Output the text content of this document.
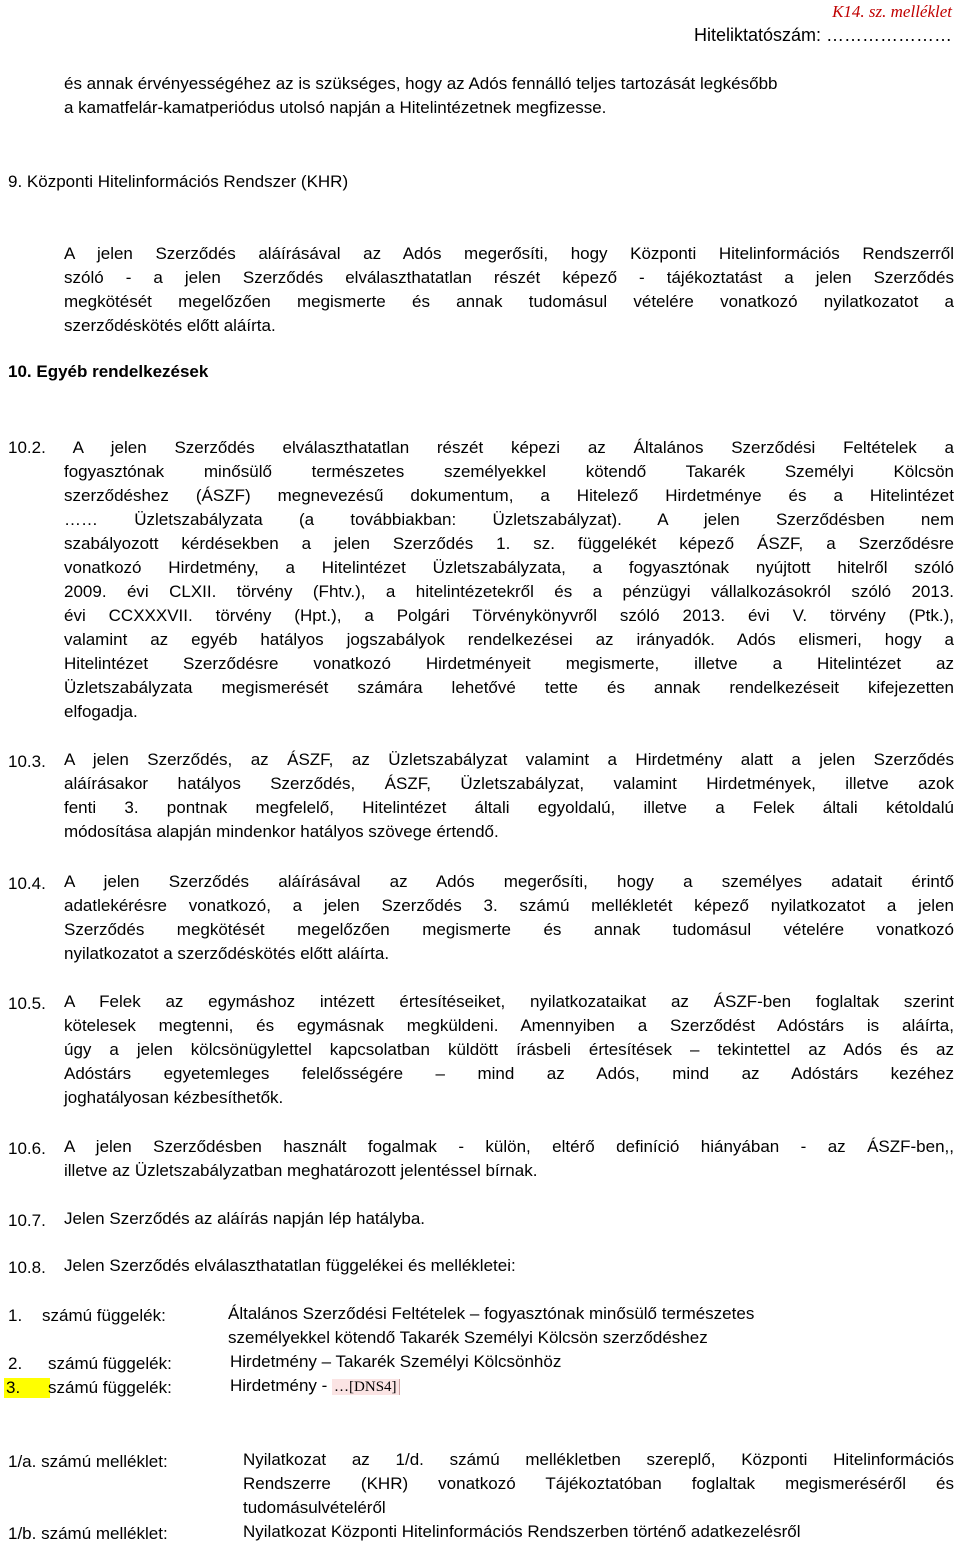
K14. sz. melléklet
Hiteliktatószám: …………………
és annak érvényességéhez az is szükséges, hogy az Adós fennálló teljes tartozását legkésőbb
a kamatfelár-kamatperiódus utolsó napján a Hitelintézetnek megfizesse.
9. Központi Hitelinformációs Rendszer (KHR)
A jelen Szerződés aláírásával az Adós megerősíti, hogy Központi Hitelinformációs Rendszerről
szóló - a jelen Szerződés elválaszthatatlan részét képező - tájékoztatást a jelen Szerződés
megkötését megelőzően megismerte és annak tudomásul vételére vonatkozó nyilatkozatot a
szerződéskötés előtt aláírta.
10. Egyéb rendelkezések
10.2. A jelen Szerződés elválaszthatatlan részét képezi az Általános Szerződési Feltételek a
fogyasztónak minősülő természetes személyekkel kötendő Takarék Személyi Kölcsön
szerződéshez (ÁSZF) megnevezésű dokumentum, a Hitelező Hirdetménye és a Hitelintézet
…… Üzletszabályzata (a továbbiakban: Üzletszabályzat). A jelen Szerződésben nem
szabályozott kérdésekben a jelen Szerződés 1. sz. függelékét képező ÁSZF, a Szerződésre
vonatkozó Hirdetmény, a Hitelintézet Üzletszabályzata, a fogyasztónak nyújtott hitelről szóló
2009. évi CLXII. törvény (Fhtv.), a hitelintézetekről és a pénzügyi vállalkozásokról szóló 2013.
évi CCXXXVII. törvény (Hpt.), a Polgári Törvénykönyvről szóló 2013. évi V. törvény (Ptk.),
valamint az egyéb hatályos jogszabályok rendelkezései az irányadók. Adós elismeri, hogy a
Hitelintézet Szerződésre vonatkozó Hirdetményeit megismerte, illetve a Hitelintézet az
Üzletszabályzata megismerését számára lehetővé tette és annak rendelkezéseit kifejezetten
elfogadja.
10.3. A jelen Szerződés, az ÁSZF, az Üzletszabályzat valamint a Hirdetmény alatt a jelen Szerződés
aláírásakor hatályos Szerződés, ÁSZF, Üzletszabályzat, valamint Hirdetmények, illetve azok
fenti 3. pontnak megfelelő, Hitelintézet általi egyoldalú, illetve a Felek általi kétoldalú
módosítása alapján mindenkor hatályos szövege értendő.
10.4. A jelen Szerződés aláírásával az Adós megerősíti, hogy a személyes adatait érintő
adatlekérésre vonatkozó, a jelen Szerződés 3. számú mellékletét képező nyilatkozatot a jelen
Szerződés megkötését megelőzően megismerte és annak tudomásul vételére vonatkozó
nyilatkozatot a szerződéskötés előtt aláírta.
10.5. A Felek az egymáshoz intézett értesítéseiket, nyilatkozataikat az ÁSZF-ben foglaltak szerint
kötelesek megtenni, és egymásnak megküldeni. Amennyiben a Szerződést Adóstárs is aláírta,
úgy a jelen kölcsönügylettel kapcsolatban küldött írásbeli értesítések – tekintettel az Adós és az
Adóstárs egyetemleges felelősségére – mind az Adós, mind az Adóstárs kezéhez
joghatályosan kézbesíthetők.
10.6. A jelen Szerződésben használt fogalmak - külön, eltérő definíció hiányában - az ÁSZF-ben,,
illetve az Üzletszabályzatban meghatározott jelentéssel bírnak.
10.7. Jelen Szerződés az aláírás napján lép hatályba.
10.8. Jelen Szerződés elválaszthatatlan függelékei és mellékletei:
1. számú függelék:	Általános Szerződési Feltételek – fogyasztónak minősülő természetes
személyekkel kötendő Takarék Személyi Kölcsön szerződéshez
2. számú függelék:	Hirdetmény – Takarék Személyi Kölcsönhöz
3.	számú függelék:	Hirdetmény - …[DNS4]
1/a. számú melléklet:	Nyilatkozat az 1/d. számú mellékletben szereplő, Központi Hitelinformációs
Rendszerre (KHR) vonatkozó Tájékoztatóban foglaltak megismeréséről és
tudomásulvételéről
1/b. számú melléklet:	Nyilatkozat Központi Hitelinformációs Rendszerben történő adatkezelésről
